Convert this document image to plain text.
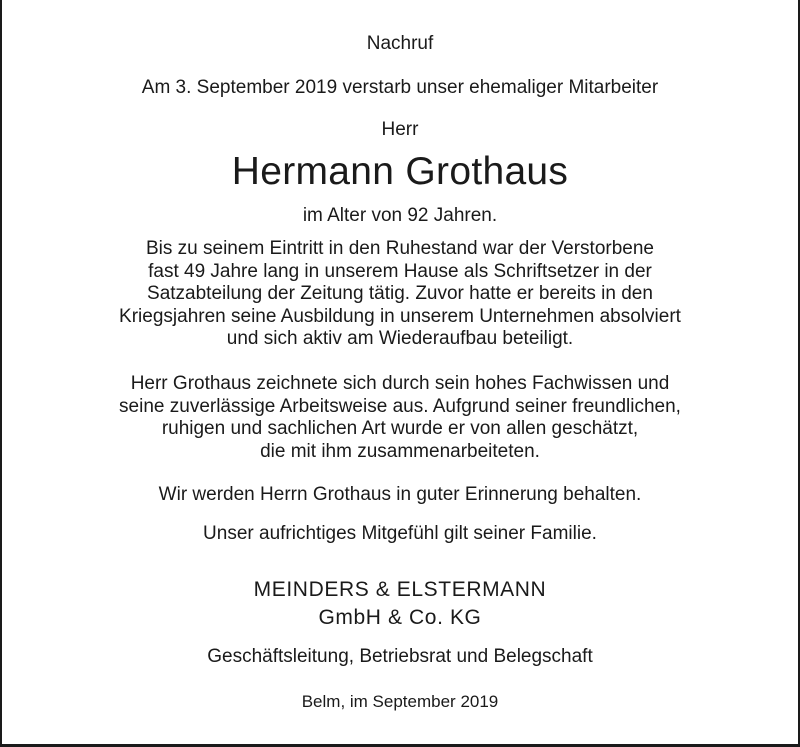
Nachruf

Am 3. September 2019 verstarb unser ehemaliger Mitarbeiter

Herr

Hermann Grothaus

im Alter von 92 Jahren.

Bis zu seinem Eintritt in den Ruhestand war der Verstorbene
fast 49 Jahre lang in unserem Hause als Schriftsetzer in der
Satzabteilung der Zeitung tätig. Zuvor hatte er bereits in den
Kriegsjahren seine Ausbildung in unserem Unternehmen absolviert
und sich aktiv am Wiederaufbau beteiligt.
Herr Grothaus zeichnete sich durch sein hohes Fachwissen und
seine zuverlässige Arbeitsweise aus. Aufgrund seiner freundlichen,
ruhigen und sachlichen Art wurde er von allen geschätzt,
die mit ihm zusammenarbeiteten.

Wir werden Herrn Grothaus in guter Erinnerung behalten.

Unser aufrichtiges Mitgefühl gilt seiner Familie.

MEINDERS & ELSTERMANN

GmbH & Co. KG

Geschäftsleitung, Betriebsrat und Belegschaft

Belm, im September 2019
